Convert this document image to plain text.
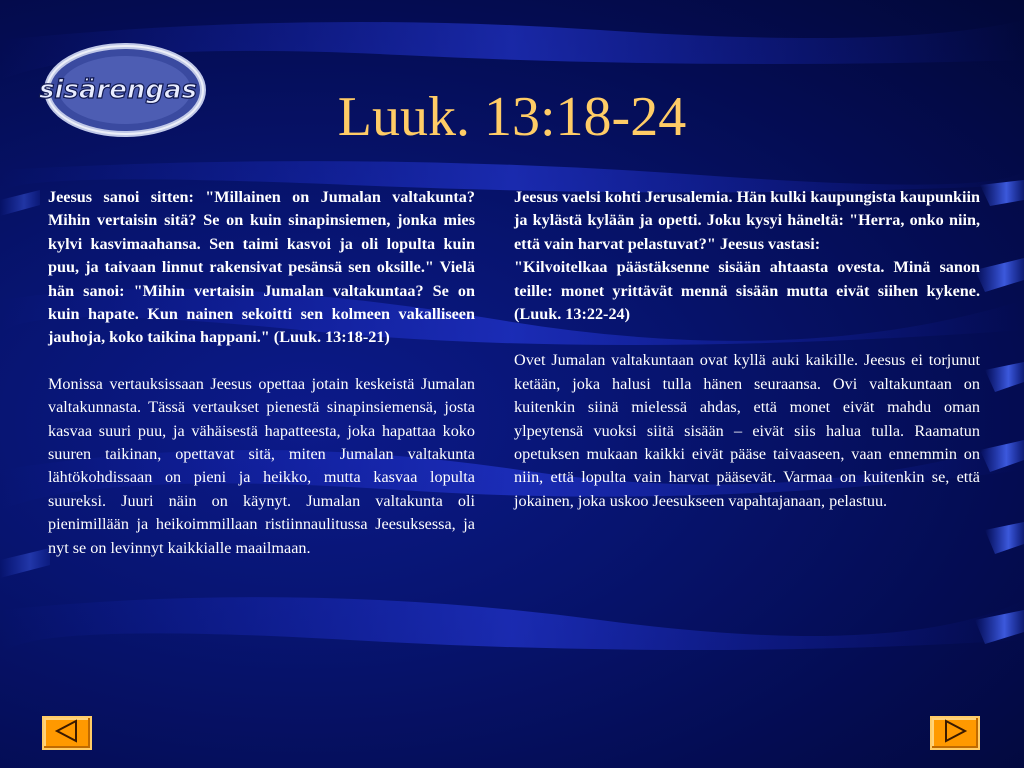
sisärengas	Luuk. 13:18-24

Jeesus sanoi sitten: "Millainen on Jumalan valtakunta? Mihin vertaisin sitä? Se on kuin sinapinsiemen, jonka mies kylvi kasvimaahansa. Sen taimi kasvoi ja oli lopulta kuin puu, ja taivaan linnut rakensivat pesänsä sen oksille." Vielä hän sanoi: "Mihin vertaisin Jumalan valtakuntaa? Se on kuin hapate. Kun nainen sekoitti sen kolmeen vakalliseen jauhoja, koko taikina happani." (Luuk. 13:18-21)

Monissa vertauksissaan Jeesus opettaa jotain keskeistä Jumalan valtakunnasta. Tässä vertaukset pienestä sinapinsiemensä, josta kasvaa suuri puu, ja vähäisestä hapatteesta, joka hapattaa koko suuren taikinan, opettavat sitä, miten Jumalan valtakunta lähtökohdissaan on pieni ja heikko, mutta kasvaa lopulta suureksi. Juuri näin on käynyt. Jumalan valtakunta oli pienimillään ja heikoimmillaan ristiinnaulitussa Jeesuksessa, ja nyt se on levinnyt kaikkialle maailmaan.

Jeesus vaelsi kohti Jerusalemia. Hän kulki kaupungista kaupunkiin ja kylästä kylään ja opetti. Joku kysyi häneltä: "Herra, onko niin, että vain harvat pelastuvat?" Jeesus vastasi:

"Kilvoitelkaa päästäksenne sisään ahtaasta ovesta. Minä sanon teille: monet yrittävät mennä sisään mutta eivät siihen kykene. (Luuk. 13:22-24)

Ovet Jumalan valtakuntaan ovat kyllä auki kaikille. Jeesus ei torjunut ketään, joka halusi tulla hänen seuraansa. Ovi valtakuntaan on kuitenkin siinä mielessä ahdas, että monet eivät mahdu oman ylpeytensä vuoksi siitä sisään – eivät siis halua tulla. Raamatun opetuksen mukaan kaikki eivät pääse taivaaseen, vaan ennemmin on niin, että lopulta vain harvat pääsevät. Varmaa on kuitenkin se, että jokainen, joka uskoo Jeesukseen vapahtajanaan, pelastuu.
